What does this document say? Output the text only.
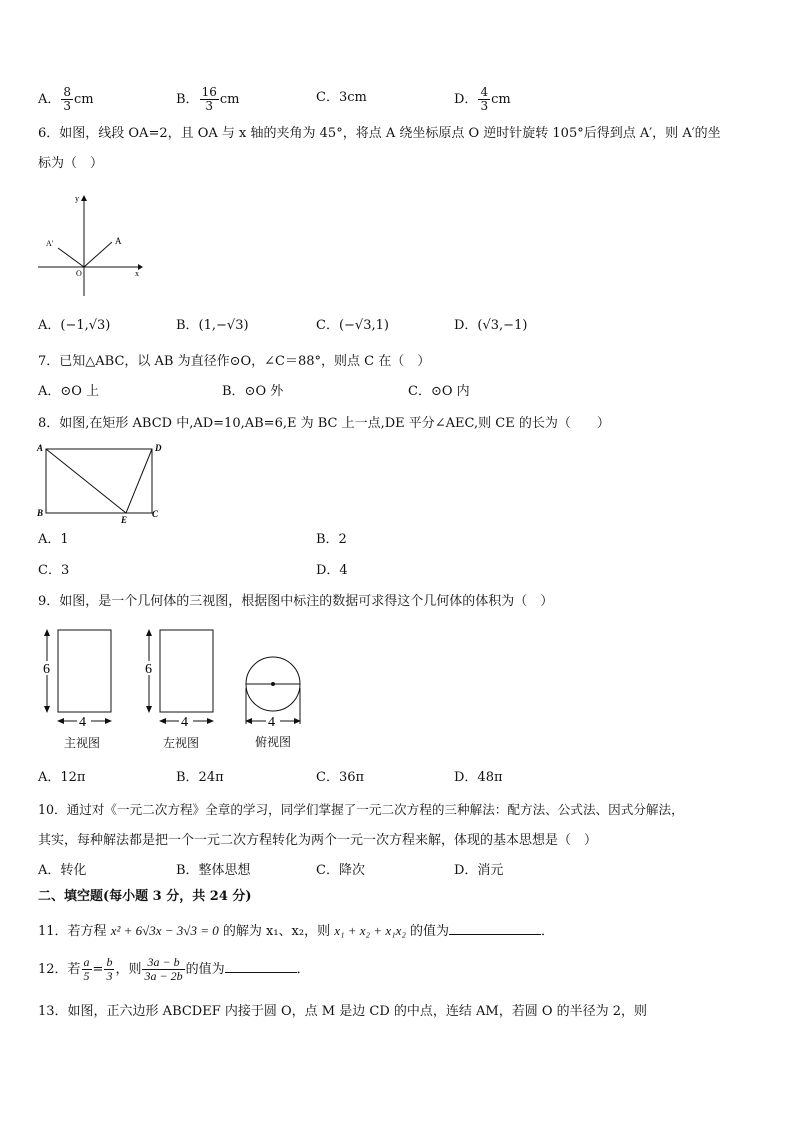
A． $\frac{8}{3}$ cm	B． $\frac{16}{3}$ cm	C．3cm	D． $\frac{4}{3}$ cm
6．如图，线段 OA=2，且 OA 与 x 轴的夹角为 45°，将点 A 绕坐标原点 O 逆时针旋转 105°后得到点 A′，则 A′的坐
标为（　）
y
x
A
A'
O
A．(−1,√3)	B．(1,−√3)	C．(−√3,1)	D．(√3,−1)
7．已知△ABC，以 AB 为直径作⊙O，∠C＝88°，则点 C 在（　）
A．⊙O 上	B．⊙O 外	C．⊙O 内
8．如图,在矩形 ABCD 中,AD=10,AB=6,E 为 BC 上一点,DE 平分∠AEC,则 CE 的长为（　　）
A	D
B	C
E
A．1	B．2
C．3	D．4
9．如图，是一个几何体的三视图，根据图中标注的数据可求得这个几何体的体积为（　）
6
4
6
4	4
主视图	左视图	俯视图
A．12π	B．24π	C．36π	D．48π
10．通过对《一元二次方程》全章的学习，同学们掌握了一元二次方程的三种解法：配方法、公式法、因式分解法，
其实，每种解法都是把一个一元二次方程转化为两个一元一次方程来解，体现的基本思想是（　）
A．转化	B．整体思想	C．降次	D．消元
二、填空题(每小题 3 分，共 24 分)
11．若方程 x² + 6√3x − 3√3 = 0 的解为 x₁、x₂，则 x₁ + x₂ + x₁x₂ 的值为	．
12．若 $\frac{a}{5} = \frac{b}{3}$ ，则 $\frac{3a - b}{3a - 2b}$ 的值为	．
13．如图，正六边形 ABCDEF 内接于圆 O，点 M 是边 CD 的中点，连结 AM，若圆 O 的半径为 2，则
